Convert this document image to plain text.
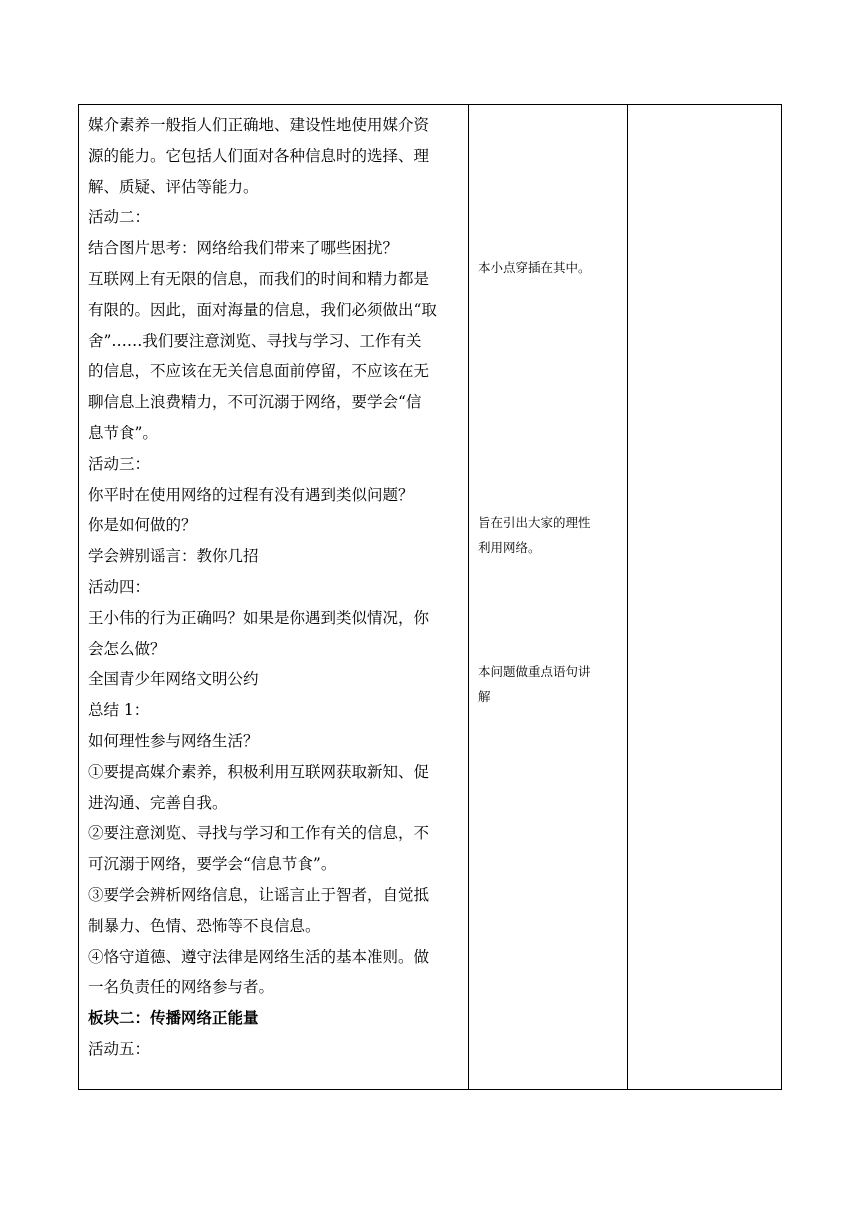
媒介素养一般指人们正确地、建设性地使用媒介资
源的能力。它包括人们面对各种信息时的选择、理
解、质疑、评估等能力。
活动二：
结合图片思考：网络给我们带来了哪些困扰？
互联网上有无限的信息，而我们的时间和精力都是
有限的。因此，面对海量的信息，我们必须做出“取
舍”……我们要注意浏览、寻找与学习、工作有关
的信息，不应该在无关信息面前停留，不应该在无
聊信息上浪费精力，不可沉溺于网络，要学会“信
息节食”。
活动三：
你平时在使用网络的过程有没有遇到类似问题？
你是如何做的？
学会辨别谣言：教你几招
活动四：
王小伟的行为正确吗？如果是你遇到类似情况，你
会怎么做？
全国青少年网络文明公约
总结 1：
如何理性参与网络生活？
①要提高媒介素养，积极利用互联网获取新知、促
进沟通、完善自我。
②要注意浏览、寻找与学习和工作有关的信息，不
可沉溺于网络，要学会“信息节食”。
③要学会辨析网络信息，让谣言止于智者，自觉抵
制暴力、色情、恐怖等不良信息。
④恪守道德、遵守法律是网络生活的基本准则。做
一名负责任的网络参与者。
板块二：传播网络正能量
活动五：
本小点穿插在其中。
旨在引出大家的理性
利用网络。
本问题做重点语句讲
解
